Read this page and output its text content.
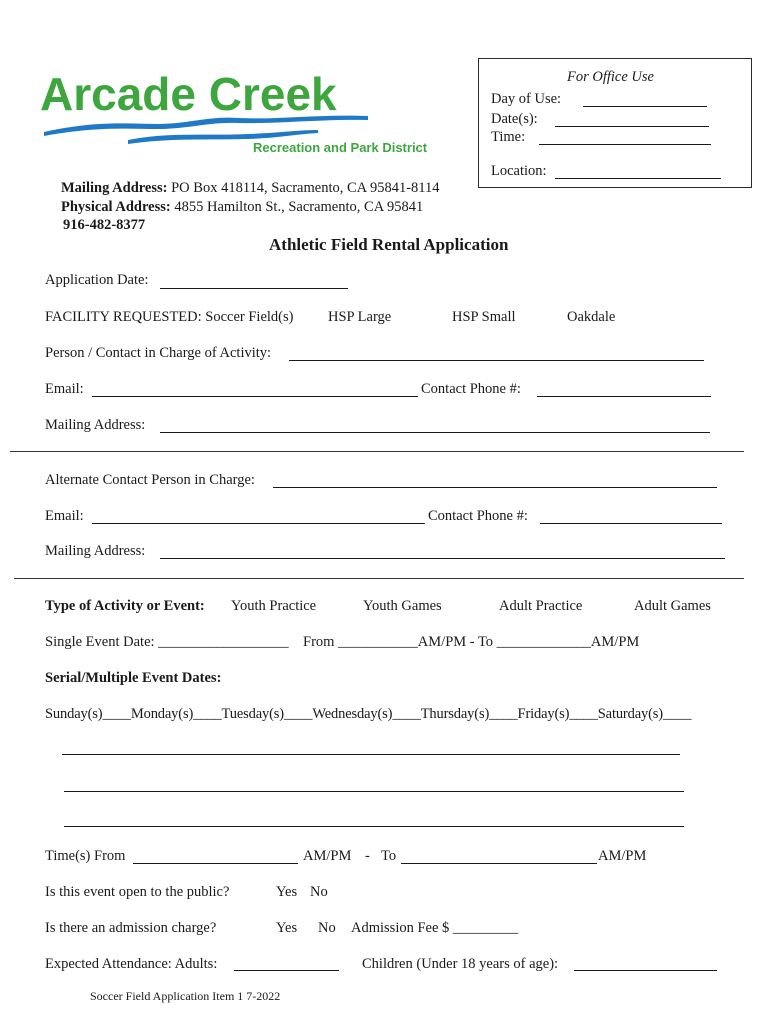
Arcade Creek
Recreation and Park District
For Office Use
Day of Use:
Date(s):
Time:
Location:
Mailing Address: PO Box 418114, Sacramento, CA 95841-8114
Physical Address: 4855 Hamilton St., Sacramento, CA 95841
916-482-8377
Athletic Field Rental Application
Application Date:
FACILITY REQUESTED: Soccer Field(s) HSP Large	HSP Small	Oakdale
Person / Contact in Charge of Activity:
Email:	Contact Phone #:
Mailing Address:
Alternate Contact Person in Charge:
Email:	Contact Phone #:
Mailing Address:
Type of Activity or Event: Youth Practice	Youth Games	Adult Practice	Adult Games
Single Event Date: __________________ From ___________AM/PM - To _____________AM/PM
Serial/Multiple Event Dates:
Sunday(s)____Monday(s)____Tuesday(s)____Wednesday(s)____Thursday(s)____Friday(s)____Saturday(s)____
Time(s) From	AM/PM - To	AM/PM
Is this event open to the public?	Yes No
Is there an admission charge?	Yes No Admission Fee $ _________
Expected Attendance: Adults:	Children (Under 18 years of age):
Soccer Field Application Item 1 7-2022
